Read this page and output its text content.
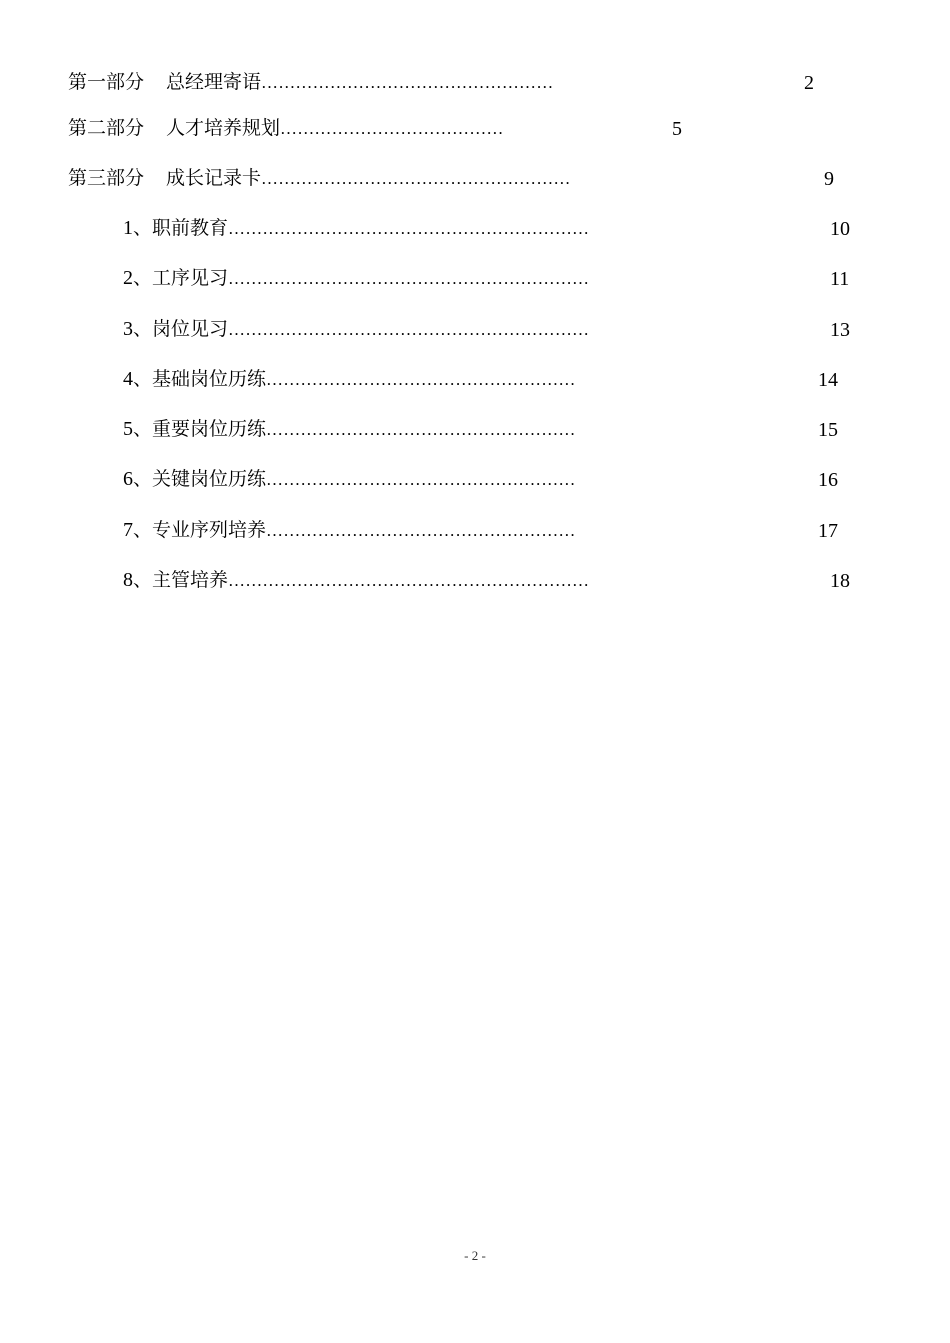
第一部分 总经理寄语……………………………………………	2
第二部分 人才培养规划…………………………………	5
第三部分 成长记录卡………………………………………………	9
1、职前教育………………………………………………………	10
2、工序见习………………………………………………………	11
3、岗位见习………………………………………………………	13
4、基础岗位历练………………………………………………	14
5、重要岗位历练………………………………………………	15
6、关键岗位历练………………………………………………	16
7、专业序列培养………………………………………………	17
8、主管培养………………………………………………………	18
- 2 -
